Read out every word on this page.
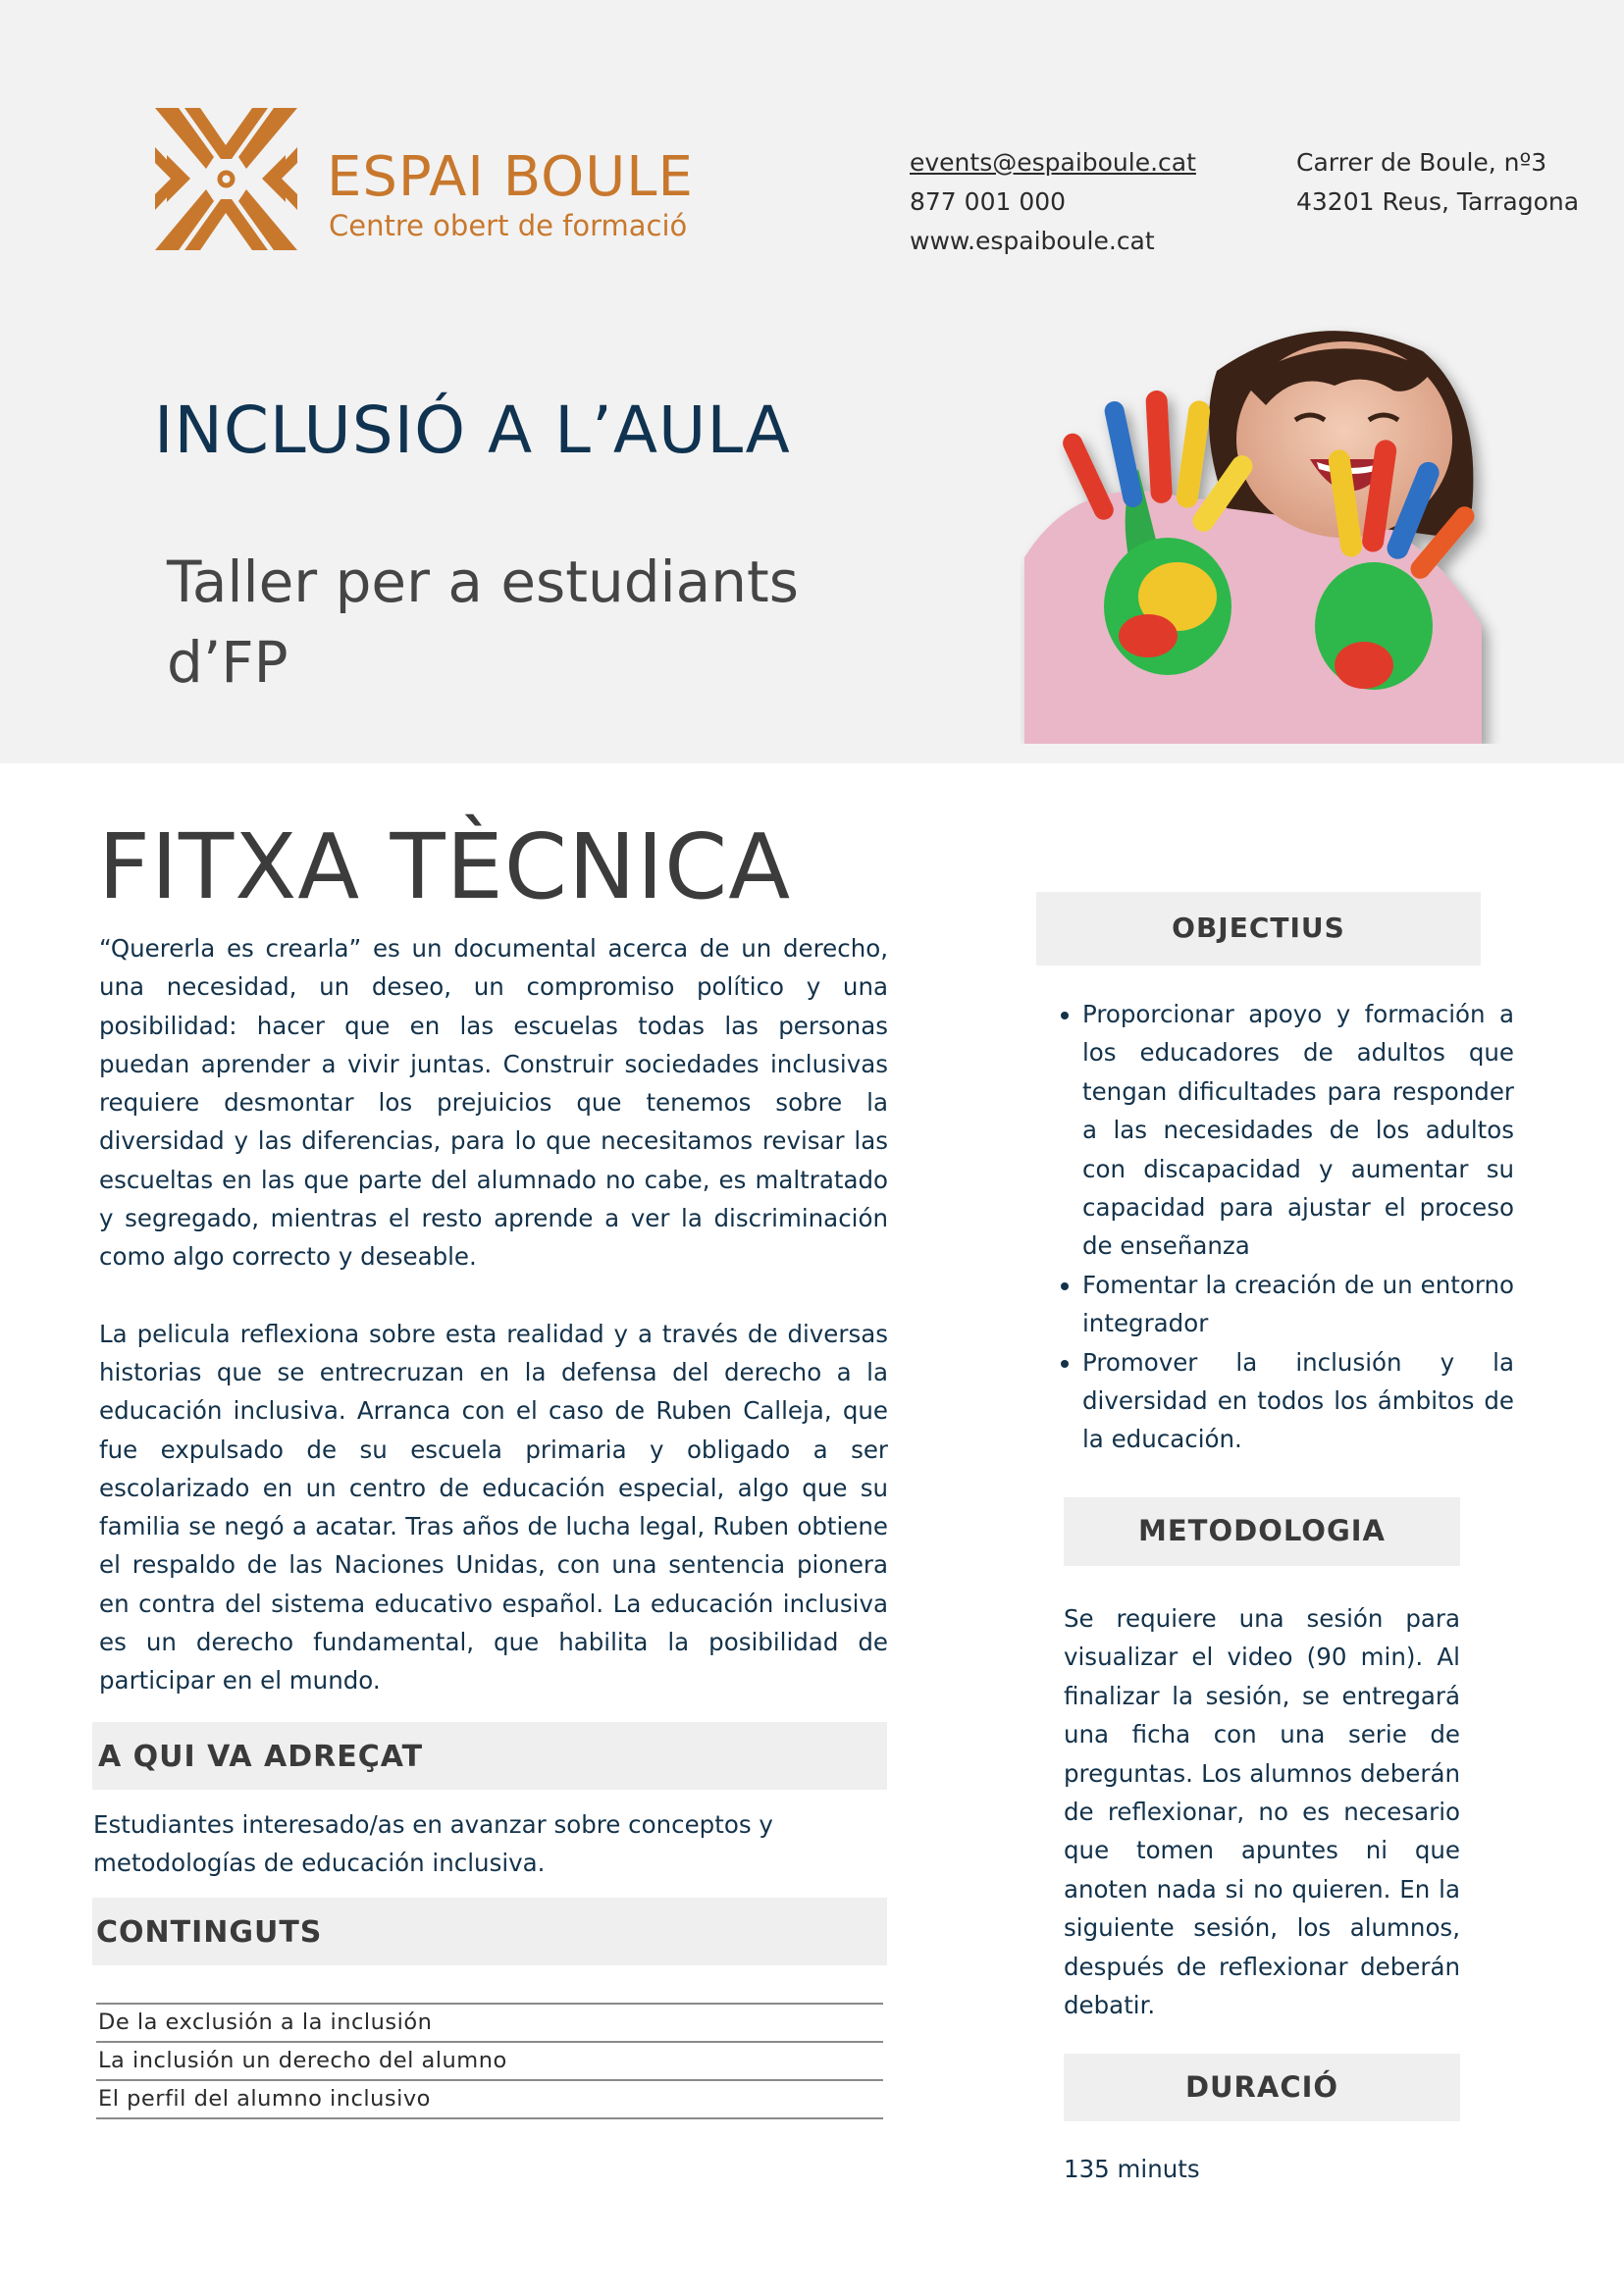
ESPAI BOULE
Centre obert de formació
events@espaiboule.cat
877 001 000
www.espaiboule.cat
Carrer de Boule, nº3
43201 Reus, Tarragona
INCLUSIÓ A L’AULA
Taller per a estudiants d’FP
FITXA TÈCNICA

“Quererla es crearla” es un documental acerca de un derecho, una necesidad, un deseo, un compromiso político y una posibilidad: hacer que en las escuelas todas las personas puedan aprender a vivir juntas. Construir sociedades inclusivas requiere desmontar los prejuicios que tenemos sobre la diversidad y las diferencias, para lo que necesitamos revisar las escueltas en las que parte del alumnado no cabe, es maltratado y segregado, mientras el resto aprende a ver la discriminación como algo correcto y deseable.

La pelicula reflexiona sobre esta realidad y a través de diversas historias que se entrecruzan en la defensa del derecho a la educación inclusiva. Arranca con el caso de Ruben Calleja, que fue expulsado de su escuela primaria y obligado a ser escolarizado en un centro de educación especial, algo que su familia se negó a acatar. Tras años de lucha legal, Ruben obtiene el respaldo de las Naciones Unidas, con una sentencia pionera en contra del sistema educativo español. La educación inclusiva es un derecho fundamental, que habilita la posibilidad de participar en el mundo.

A QUI VA ADREÇAT
Estudiantes interesado/as en avanzar sobre conceptos y metodologías de educación inclusiva.
CONTINGUTS
De la exclusión a la inclusión
La inclusión un derecho del alumno
El perfil del alumno inclusivo
OBJECTIUS
• Proporcionar apoyo y formación a los educadores de adultos que tengan dificultades para responder a las necesidades de los adultos con discapacidad y aumentar su capacidad para ajustar el proceso de enseñanza
• Fomentar la creación de un entorno integrador
• Promover la inclusión y la diversidad en todos los ámbitos de la educación.
METODOLOGIA
Se requiere una sesión para visualizar el video (90 min). Al finalizar la sesión, se entregará una ficha con una serie de preguntas. Los alumnos deberán de reflexionar, no es necesario que tomen apuntes ni que anoten nada si no quieren. En la siguiente sesión, los alumnos, después de reflexionar deberán debatir.
DURACIÓ
135 minuts
